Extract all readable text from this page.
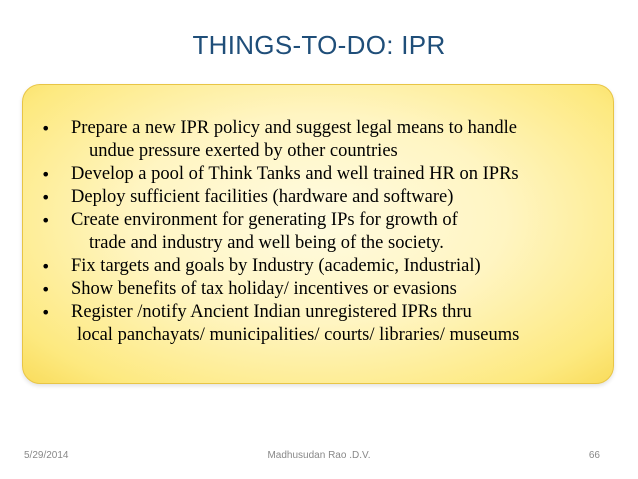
THINGS-TO-DO: IPR
• Prepare a new IPR policy and suggest legal means to handle
undue pressure exerted by other countries
• Develop a pool of Think Tanks and well trained HR on IPRs
• Deploy sufficient facilities (hardware and software)
• Create environment for generating IPs for growth of
trade and industry and well being of the society.
• Fix targets and goals by Industry (academic, Industrial)
• Show benefits of tax holiday/ incentives or evasions
• Register /notify Ancient Indian unregistered IPRs thru
local panchayats/ municipalities/ courts/ libraries/ museums
5/29/2014	Madhusudan Rao .D.V.	66
